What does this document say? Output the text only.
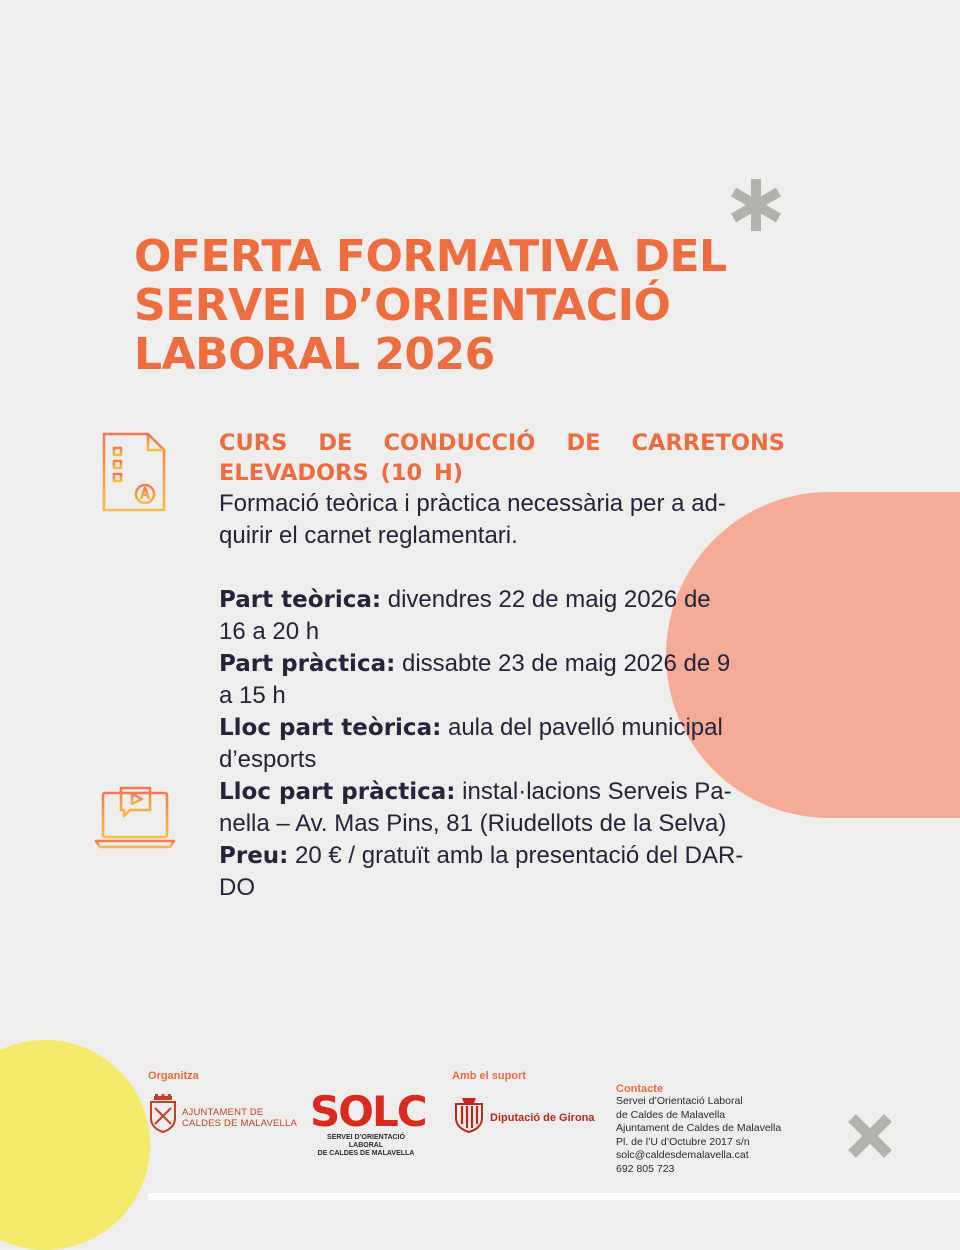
OFERTA FORMATIVA DEL
SERVEI D’ORIENTACIÓ
LABORAL 2026

CURS DE CONDUCCIÓ DE CARRETONS ELEVADORS (10 H)

Formació teòrica i pràctica necessària per a ad-
quirir el carnet reglamentari.

Part teòrica: divendres 22 de maig 2026 de
16 a 20 h

Part pràctica: dissabte 23 de maig 2026 de 9
a 15 h

Lloc part teòrica: aula del pavelló municipal
d’esports

Lloc part pràctica: instal·lacions Serveis Pa-
nella – Av. Mas Pins, 81 (Riudellots de la Selva)

Preu: 20 € / gratuït amb la presentació del DAR-
DO

Organitza
AJUNTAMENT DE
CALDES DE MALAVELLA SOLC
SERVEI D’ORIENTACIÓ LABORAL
DE CALDES DE MALAVELLA
Amb el suport
Diputació de Girona
Contacte
Servei d’Orientació Laboral
de Caldes de Malavella
Ajuntament de Caldes de Malavella
Pl. de l’U d’Octubre 2017 s/n
solc@caldesdemalavella.cat
692 805 723
